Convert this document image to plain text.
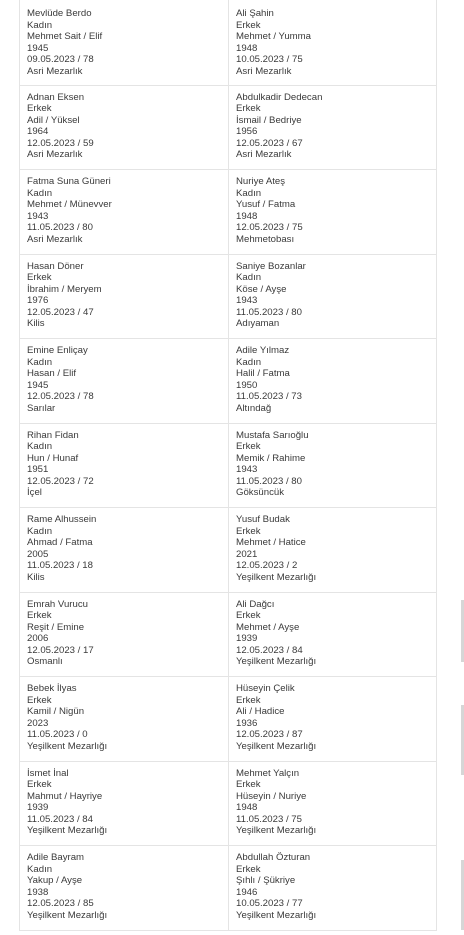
Mevlüde Berdo
Kadın
Mehmet Sait / Elif
1945
09.05.2023 / 78
Asri Mezarlık
Ali Şahin
Erkek
Mehmet / Yumma
1948
10.05.2023 / 75
Asri Mezarlık
Adnan Eksen
Erkek
Adil / Yüksel
1964
12.05.2023 / 59
Asri Mezarlık
Abdulkadir Dedecan
Erkek
İsmail / Bedriye
1956
12.05.2023 / 67
Asri Mezarlık
Fatma Suna Güneri
Kadın
Mehmet / Münevver
1943
11.05.2023 / 80
Asri Mezarlık
Nuriye Ateş
Kadın
Yusuf / Fatma
1948
12.05.2023 / 75
Mehmetobası
Hasan Döner
Erkek
İbrahim / Meryem
1976
12.05.2023 / 47
Kilis
Saniye Bozanlar
Kadın
Köse / Ayşe
1943
11.05.2023 / 80
Adıyaman
Emine Enliçay
Kadın
Hasan / Elif
1945
12.05.2023 / 78
Sarılar
Adile Yılmaz
Kadın
Halil / Fatma
1950
11.05.2023 / 73
Altındağ
Rihan Fidan
Kadın
Hun / Hunaf
1951
12.05.2023 / 72
İçel
Mustafa Sarıoğlu
Erkek
Memik / Rahime
1943
11.05.2023 / 80
Göksüncük
Rame Alhussein
Kadın
Ahmad / Fatma
2005
11.05.2023 / 18
Kilis
Yusuf Budak
Erkek
Mehmet / Hatice
2021
12.05.2023 / 2
Yeşilkent Mezarlığı
Emrah Vurucu
Erkek
Reşit / Emine
2006
12.05.2023 / 17
Osmanlı
Ali Dağcı
Erkek
Mehmet / Ayşe
1939
12.05.2023 / 84
Yeşilkent Mezarlığı
Bebek İlyas
Erkek
Kamil / Nigün
2023
11.05.2023 / 0
Yeşilkent Mezarlığı
Hüseyin Çelik
Erkek
Ali / Hadice
1936
12.05.2023 / 87
Yeşilkent Mezarlığı
İsmet İnal
Erkek
Mahmut / Hayriye
1939
11.05.2023 / 84
Yeşilkent Mezarlığı
Mehmet Yalçın
Erkek
Hüseyin / Nuriye
1948
11.05.2023 / 75
Yeşilkent Mezarlığı
Adile Bayram
Kadın
Yakup / Ayşe
1938
12.05.2023 / 85
Yeşilkent Mezarlığı
Abdullah Özturan
Erkek
Şıhlı / Şükriye
1946
10.05.2023 / 77
Yeşilkent Mezarlığı
